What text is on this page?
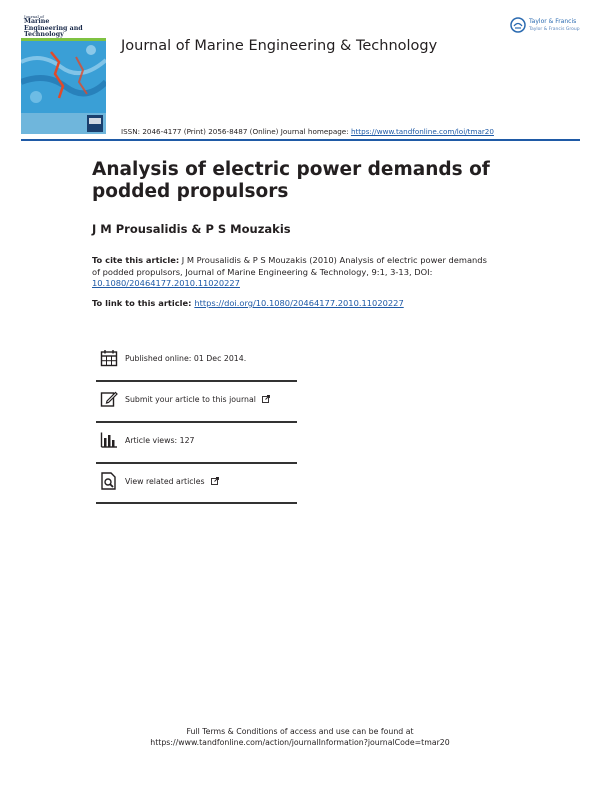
Journal of
Marine
Engineering and
Technology
Journal of Marine Engineering & Technology
Taylor & Francis
Taylor & Francis Group
ISSN: 2046-4177 (Print) 2056-8487 (Online) Journal homepage: https://www.tandfonline.com/loi/tmar20
Analysis of electric power demands of podded propulsors
J M Prousalidis & P S Mouzakis
To cite this article: J M Prousalidis & P S Mouzakis (2010) Analysis of electric power demands of podded propulsors, Journal of Marine Engineering & Technology, 9:1, 3-13, DOI: 10.1080/20464177.2010.11020227
To link to this article: https://doi.org/10.1080/20464177.2010.11020227
Published online: 01 Dec 2014.
Submit your article to this journal
Article views: 127
View related articles
Full Terms & Conditions of access and use can be found at
https://www.tandfonline.com/action/journalInformation?journalCode=tmar20
